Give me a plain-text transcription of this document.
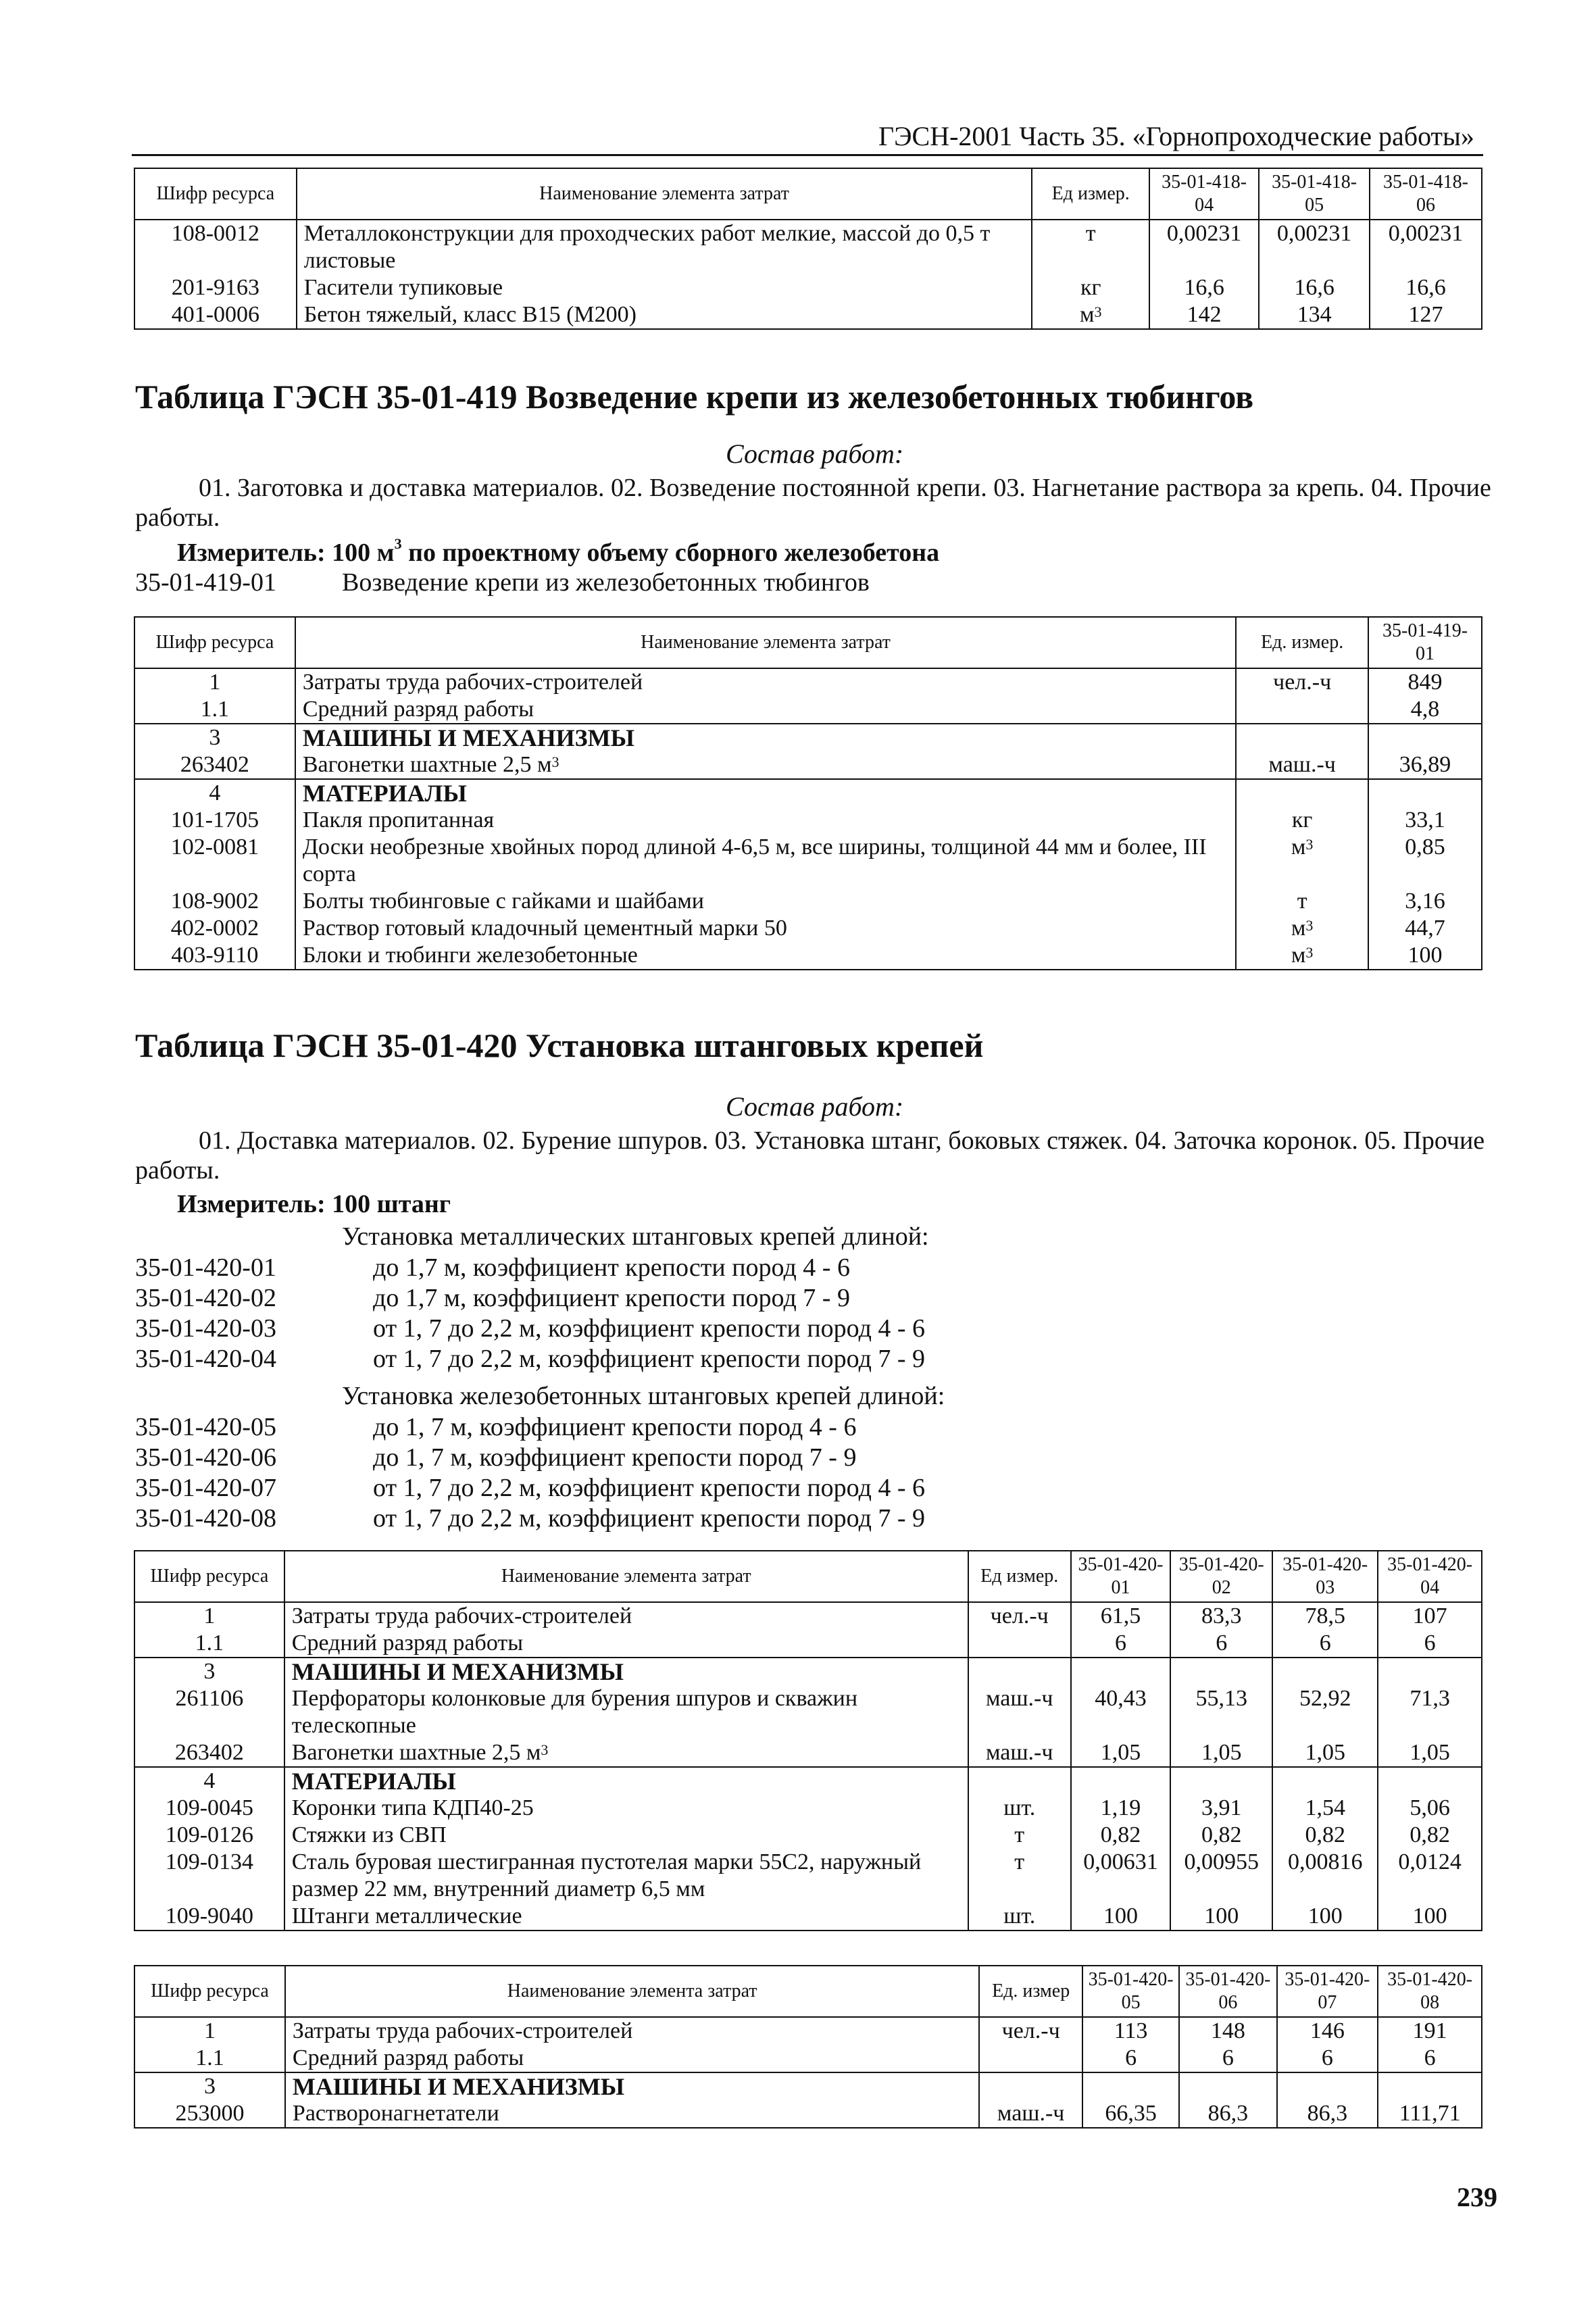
ГЭСН-2001 Часть 35. «Горнопроходческие работы»
Шифр ресурса	Наименование элемента затрат	Ед измер.	35-01-418-04	35-01-418-05	35-01-418-06
108-0012	Металлоконструкции для проходческих работ мелкие, массой до 0,5 т листовые	т	0,00231	0,00231	0,00231
201-9163	Гасители тупиковые	кг	16,6	16,6	16,6
401-0006	Бетон тяжелый, класс В15 (М200)	$м^3$	142	134	127
Таблица ГЭСН 35-01-419 Возведение крепи из железобетонных тюбингов
Состав работ:
01. Заготовка и доставка материалов. 02. Возведение постоянной крепи. 03. Нагнетание раствора за крепь. 04. Прочие работы.
Измеритель: 100 $м^3$ по проектному объему сборного железобетона
35-01-419-01	Возведение крепи из железобетонных тюбингов
Шифр ресурса	Наименование элемента затрат	Ед. измер.	35-01-419-01
1	Затраты труда рабочих-строителей	чел.-ч	849
1.1	Средний разряд работы		4,8
3	МАШИНЫ И МЕХАНИЗМЫ		
263402	Вагонетки шахтные 2,5 $м^3$	маш.-ч	36,89
4	МАТЕРИАЛЫ		
101-1705	Пакля пропитанная	кг	33,1
102-0081	Доски необрезные хвойных пород длиной 4-6,5 м, все ширины, толщиной 44 мм и более, III сорта	$м^3$	0,85
108-9002	Болты тюбинговые с гайками и шайбами	т	3,16
402-0002	Раствор готовый кладочный цементный марки 50	$м^3$	44,7
403-9110	Блоки и тюбинги железобетонные	$м^3$	100
Таблица ГЭСН 35-01-420 Установка штанговых крепей
Состав работ:
01. Доставка материалов. 02. Бурение шпуров. 03. Установка штанг, боковых стяжек. 04. Заточка коронок. 05. Прочие работы.
Измеритель: 100 штанг
Установка металлических штанговых крепей длиной:
35-01-420-01	до 1,7 м, коэффициент крепости пород 4 - 6
35-01-420-02	до 1,7 м, коэффициент крепости пород 7 - 9
35-01-420-03	от 1, 7 до 2,2 м, коэффициент крепости пород 4 - 6
35-01-420-04	от 1, 7 до 2,2 м, коэффициент крепости пород 7 - 9
Установка железобетонных штанговых крепей длиной:
35-01-420-05	до 1, 7 м, коэффициент крепости пород 4 - 6
35-01-420-06	до 1, 7 м, коэффициент крепости пород 7 - 9
35-01-420-07	от 1, 7 до 2,2 м, коэффициент крепости пород 4 - 6
35-01-420-08	от 1, 7 до 2,2 м, коэффициент крепости пород 7 - 9
Шифр ресурса	Наименование элемента затрат	Ед измер.	35-01-420-01	35-01-420-02	35-01-420-03	35-01-420-04
1	Затраты труда рабочих-строителей	чел.-ч	61,5	83,3	78,5	107
1.1	Средний разряд работы		6	6	6	6
3	МАШИНЫ И МЕХАНИЗМЫ					
261106	Перфораторы колонковые для бурения шпуров и скважин телескопные	маш.-ч	40,43	55,13	52,92	71,3
263402	Вагонетки шахтные 2,5 $м^3$	маш.-ч	1,05	1,05	1,05	1,05
4	МАТЕРИАЛЫ					
109-0045	Коронки типа КДП40-25	шт.	1,19	3,91	1,54	5,06
109-0126	Стяжки из СВП	т	0,82	0,82	0,82	0,82
109-0134	Сталь буровая шестигранная пустотелая марки 55С2, наружный размер 22 мм, внутренний диаметр 6,5 мм	т	0,00631	0,00955	0,00816	0,0124
109-9040	Штанги металлические	шт.	100	100	100	100
Шифр ресурса	Наименование элемента затрат	Ед. измер	35-01-420-05	35-01-420-06	35-01-420-07	35-01-420-08
1	Затраты труда рабочих-строителей	чел.-ч	113	148	146	191
1.1	Средний разряд работы		6	6	6	6
3	МАШИНЫ И МЕХАНИЗМЫ					
253000	Растворонагнетатели	маш.-ч	66,35	86,3	86,3	111,71
239
